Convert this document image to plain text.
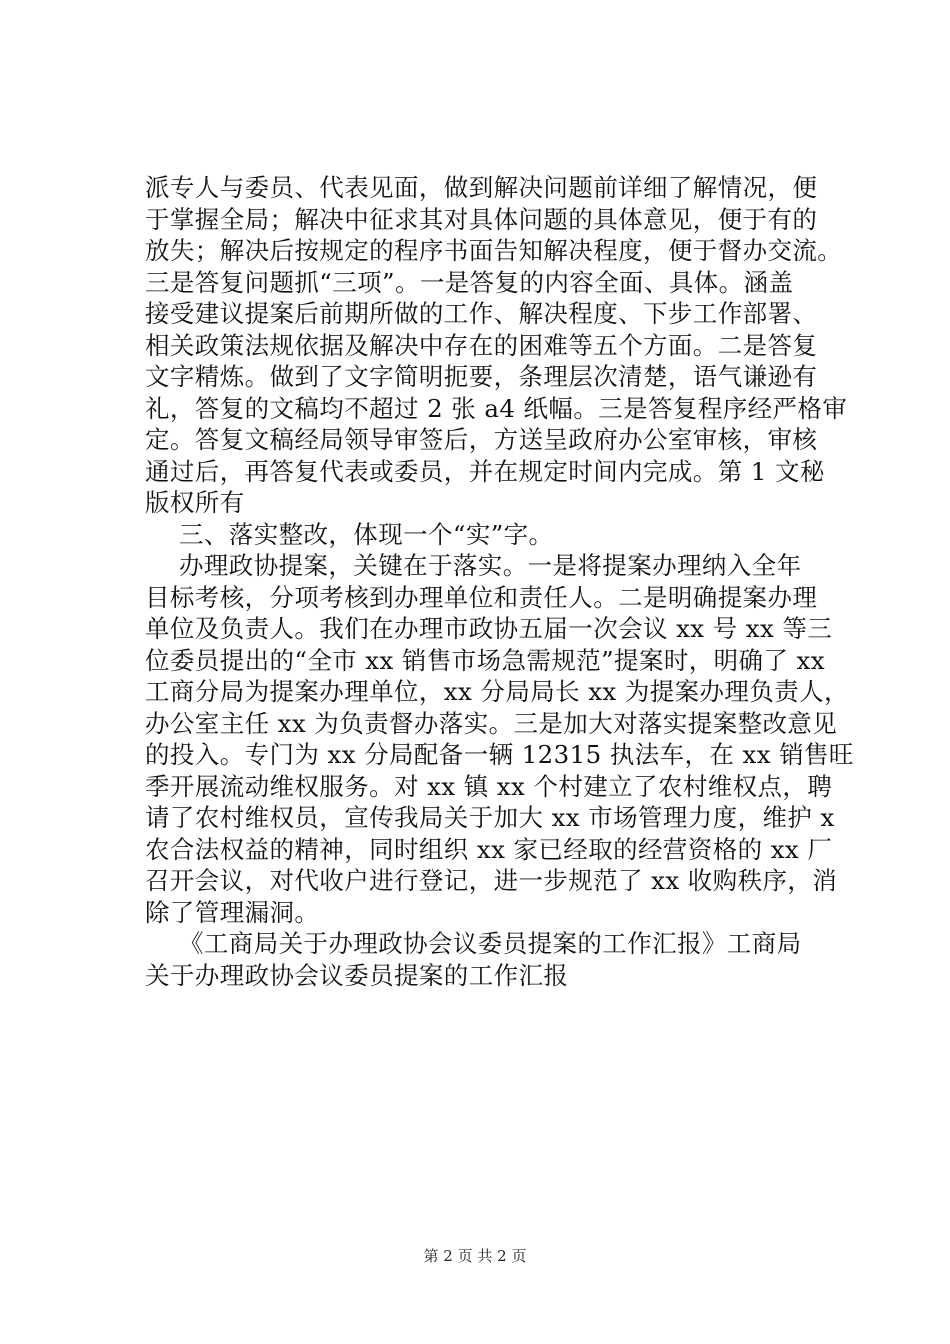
派专人与委员、代表见面，做到解决问题前详细了解情况，便
于掌握全局；解决中征求其对具体问题的具体意见，便于有的
放失；解决后按规定的程序书面告知解决程度，便于督办交流。
三是答复问题抓“三项”。一是答复的内容全面、具体。涵盖
接受建议提案后前期所做的工作、解决程度、下步工作部署、
相关政策法规依据及解决中存在的困难等五个方面。二是答复
文字精炼。做到了文字简明扼要，条理层次清楚，语气谦逊有
礼，答复的文稿均不超过 2 张 a4 纸幅。三是答复程序经严格审
定。答复文稿经局领导审签后，方送呈政府办公室审核，审核
通过后，再答复代表或委员，并在规定时间内完成。第 1 文秘
版权所有
三、落实整改，体现一个“实”字。
办理政协提案，关键在于落实。一是将提案办理纳入全年
目标考核，分项考核到办理单位和责任人。二是明确提案办理
单位及负责人。我们在办理市政协五届一次会议 xx 号 xx 等三
位委员提出的“全市 xx 销售市场急需规范”提案时，明确了 xx
工商分局为提案办理单位，xx 分局局长 xx 为提案办理负责人，
办公室主任 xx 为负责督办落实。三是加大对落实提案整改意见
的投入。专门为 xx 分局配备一辆 12315 执法车，在 xx 销售旺
季开展流动维权服务。对 xx 镇 xx 个村建立了农村维权点，聘
请了农村维权员，宣传我局关于加大 xx 市场管理力度，维护 x
农合法权益的精神，同时组织 xx 家已经取的经营资格的 xx 厂
召开会议，对代收户进行登记，进一步规范了 xx 收购秩序，消
除了管理漏洞。
《工商局关于办理政协会议委员提案的工作汇报》工商局
关于办理政协会议委员提案的工作汇报
第 2 页 共 2 页
